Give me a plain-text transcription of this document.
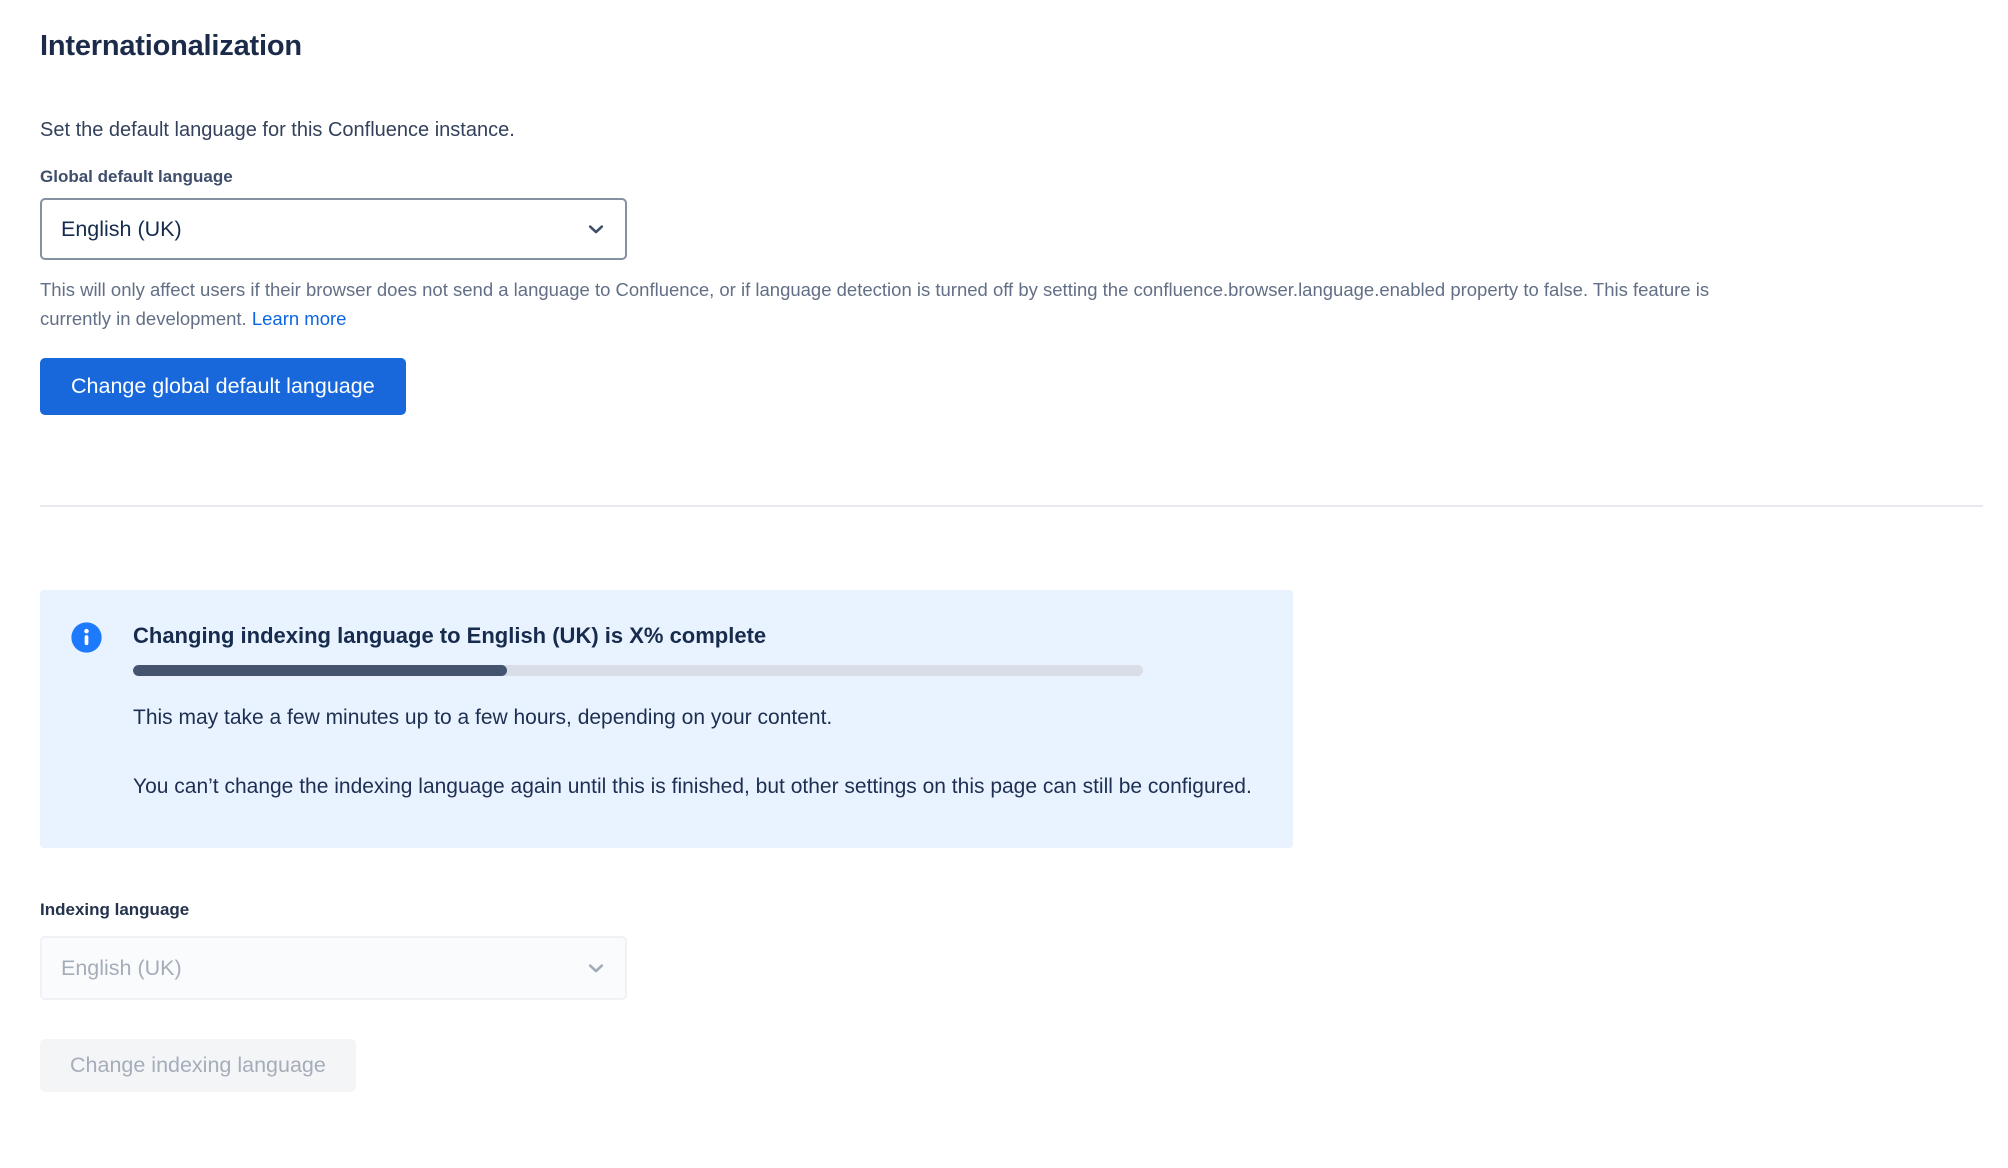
Internationalization

Set the default language for this Confluence instance.

Global default language
English (UK)

This will only affect users if their browser does not send a language to Confluence, or if language detection is turned off by setting the confluence.browser.language.enabled property to false. This feature is currently in development. Learn more

Change global default language
Changing indexing language to English (UK) is X% complete

This may take a few minutes up to a few hours, depending on your content.

You can’t change the indexing language again until this is finished, but other settings on this page can still be configured.

Indexing language
English (UK)
Change indexing language
